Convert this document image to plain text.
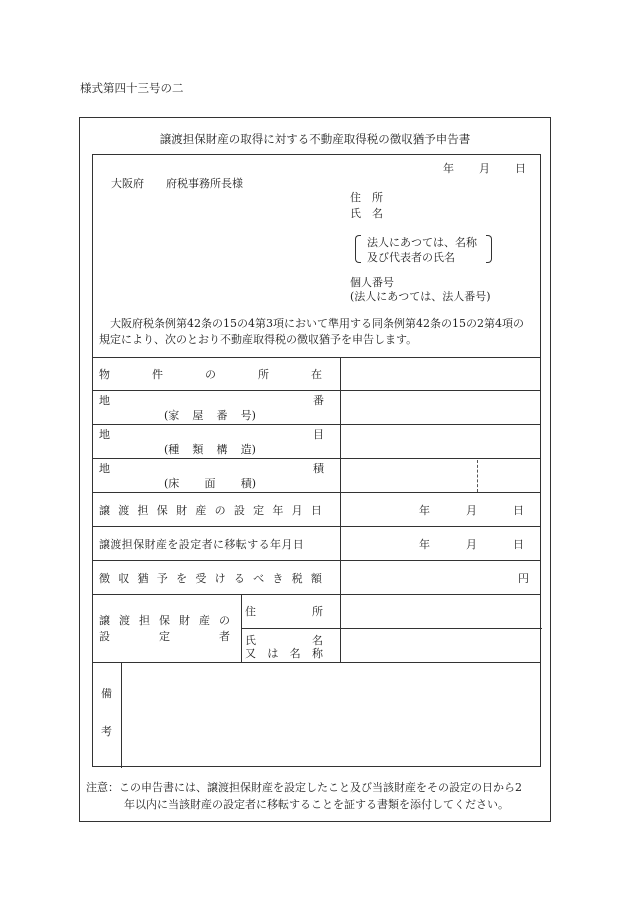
様式第四十三号の二
譲渡担保財産の取得に対する不動産取得税の徴収猶予申告書
年 月 日
大阪府　　府税事務所長様
住　所
氏　名
法人にあつては、名称
及び代表者の氏名
個人番号
(法人にあつては、法人番号)
大阪府税条例第42条の15の4第3項において準用する同条例第42条の15の2第4項の
規定により、次のとおり不動産取得税の徴収猶予を申告します。
物	件	の	所	在
地	番
(家 屋 番 号)
地	目
(種 類 構 造)
地	積
(床 面 積)
譲 渡 担 保 財 産 の 設 定 年 月 日	年	月	日
譲渡担保財産を設定者に移転する年月日	年	月	日
徴 収 猶 予 を 受 け る べ き 税 額	円
譲 渡 担 保 財 産 の
設	定	者
住	所
氏	名
又 は 名 称
備
考
注意：この申告書には、譲渡担保財産を設定したこと及び当該財産をその設定の日から2
年以内に当該財産の設定者に移転することを証する書類を添付してください。
